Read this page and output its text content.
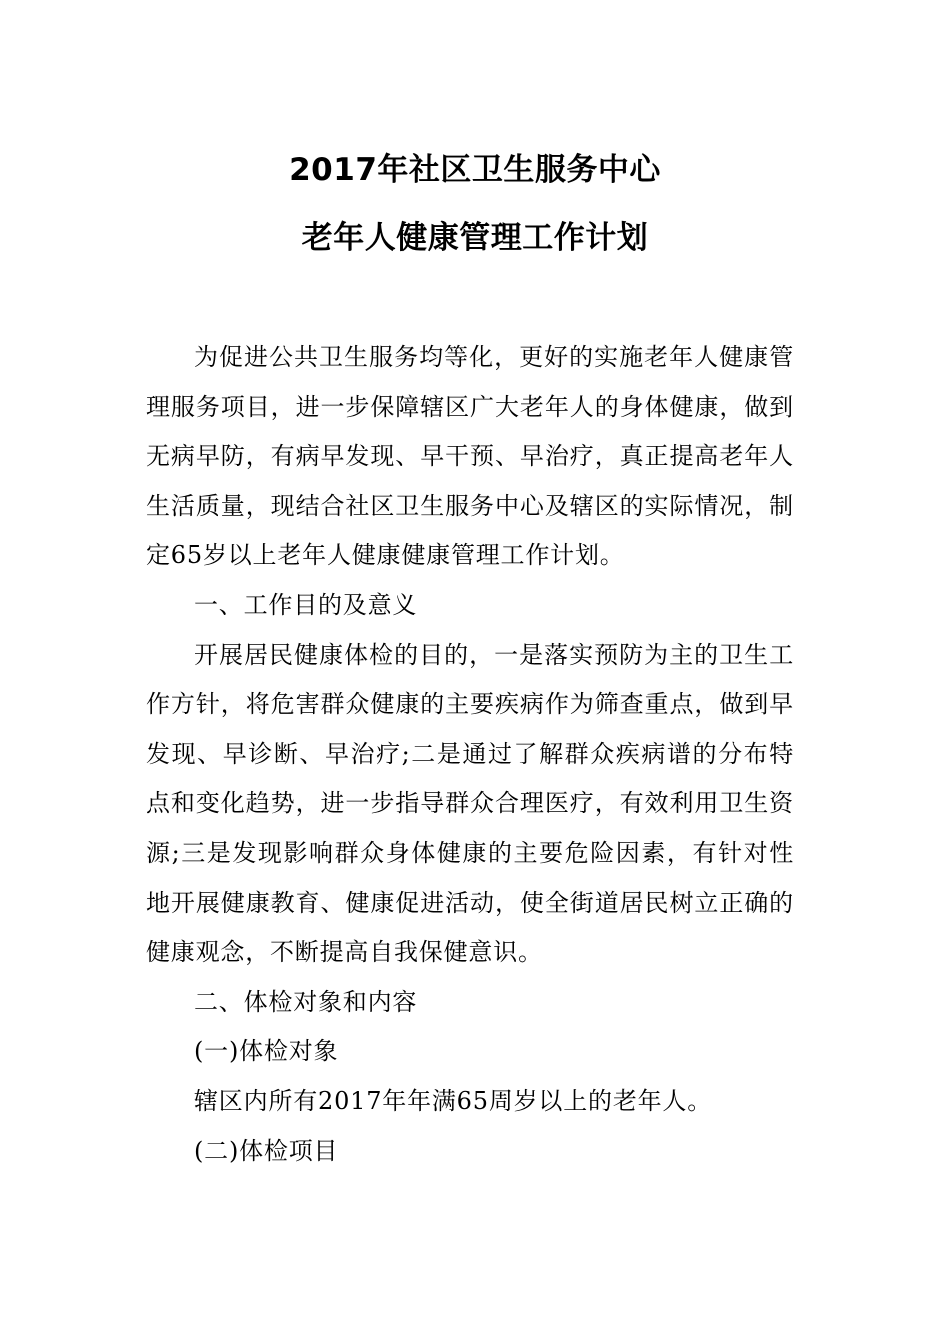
2017年社区卫生服务中心
老年人健康管理工作计划

为促进公共卫生服务均等化，更好的实施老年人健康管理服务项目，进一步保障辖区广大老年人的身体健康，做到无病早防，有病早发现、早干预、早治疗，真正提高老年人生活质量，现结合社区卫生服务中心及辖区的实际情况，制定65岁以上老年人健康健康管理工作计划。

一、工作目的及意义

开展居民健康体检的目的，一是落实预防为主的卫生工作方针，将危害群众健康的主要疾病作为筛查重点，做到早发现、早诊断、早治疗;二是通过了解群众疾病谱的分布特点和变化趋势，进一步指导群众合理医疗，有效利用卫生资源;三是发现影响群众身体健康的主要危险因素，有针对性地开展健康教育、健康促进活动，使全街道居民树立正确的健康观念，不断提高自我保健意识。

二、体检对象和内容

(一)体检对象

辖区内所有2017年年满65周岁以上的老年人。

(二)体检项目
